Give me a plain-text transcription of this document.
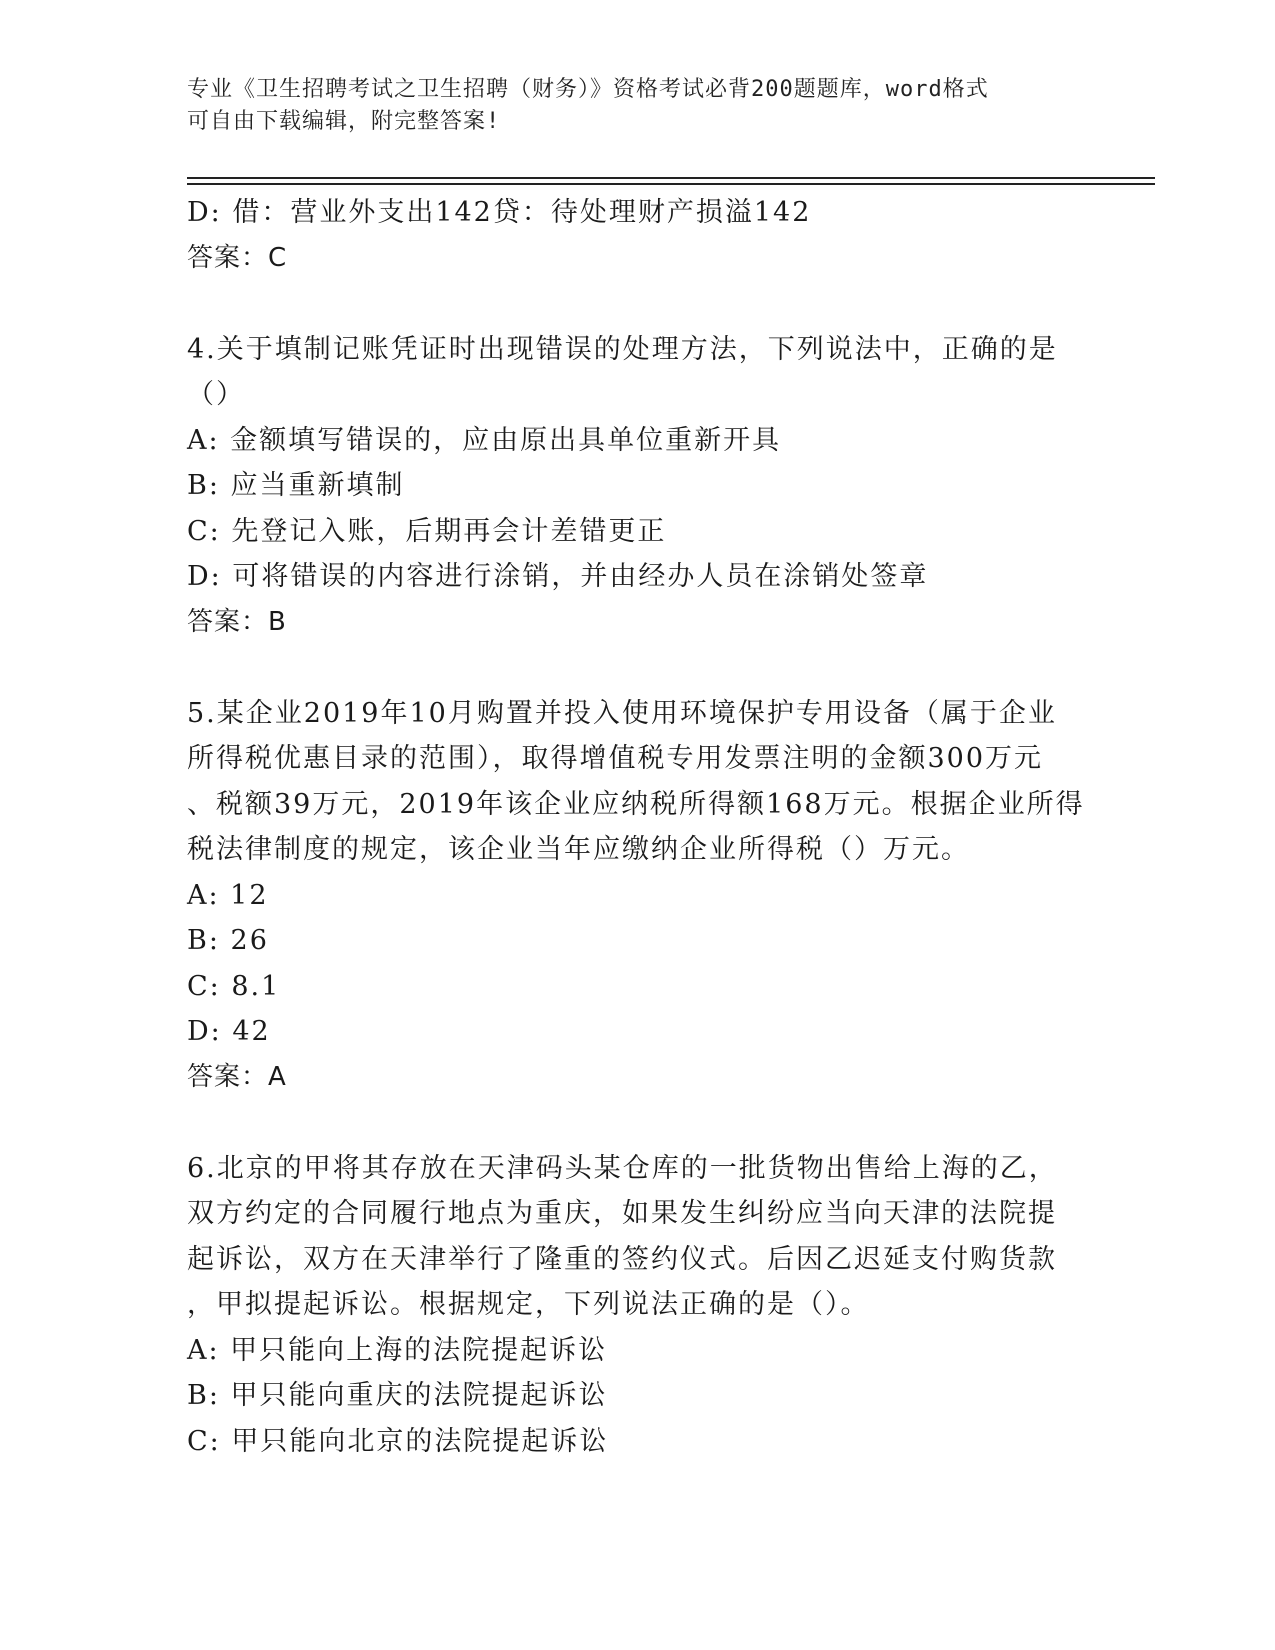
专业《卫生招聘考试之卫生招聘（财务）》资格考试必背200题题库，word格式
可自由下载编辑，附完整答案!
D: 借：营业外支出142贷：待处理财产损溢142
答案：C
4.关于填制记账凭证时出现错误的处理方法，下列说法中，正确的是
（）
A: 金额填写错误的，应由原出具单位重新开具
B: 应当重新填制
C: 先登记入账，后期再会计差错更正
D: 可将错误的内容进行涂销，并由经办人员在涂销处签章
答案：B
5.某企业2019年10月购置并投入使用环境保护专用设备（属于企业
所得税优惠目录的范围），取得增值税专用发票注明的金额300万元
、税额39万元，2019年该企业应纳税所得额168万元。根据企业所得
税法律制度的规定，该企业当年应缴纳企业所得税（）万元。
A: 12
B: 26
C: 8.1
D: 42
答案：A
6.北京的甲将其存放在天津码头某仓库的一批货物出售给上海的乙，
双方约定的合同履行地点为重庆，如果发生纠纷应当向天津的法院提
起诉讼，双方在天津举行了隆重的签约仪式。后因乙迟延支付购货款
，甲拟提起诉讼。根据规定，下列说法正确的是（）。
A: 甲只能向上海的法院提起诉讼
B: 甲只能向重庆的法院提起诉讼
C: 甲只能向北京的法院提起诉讼
